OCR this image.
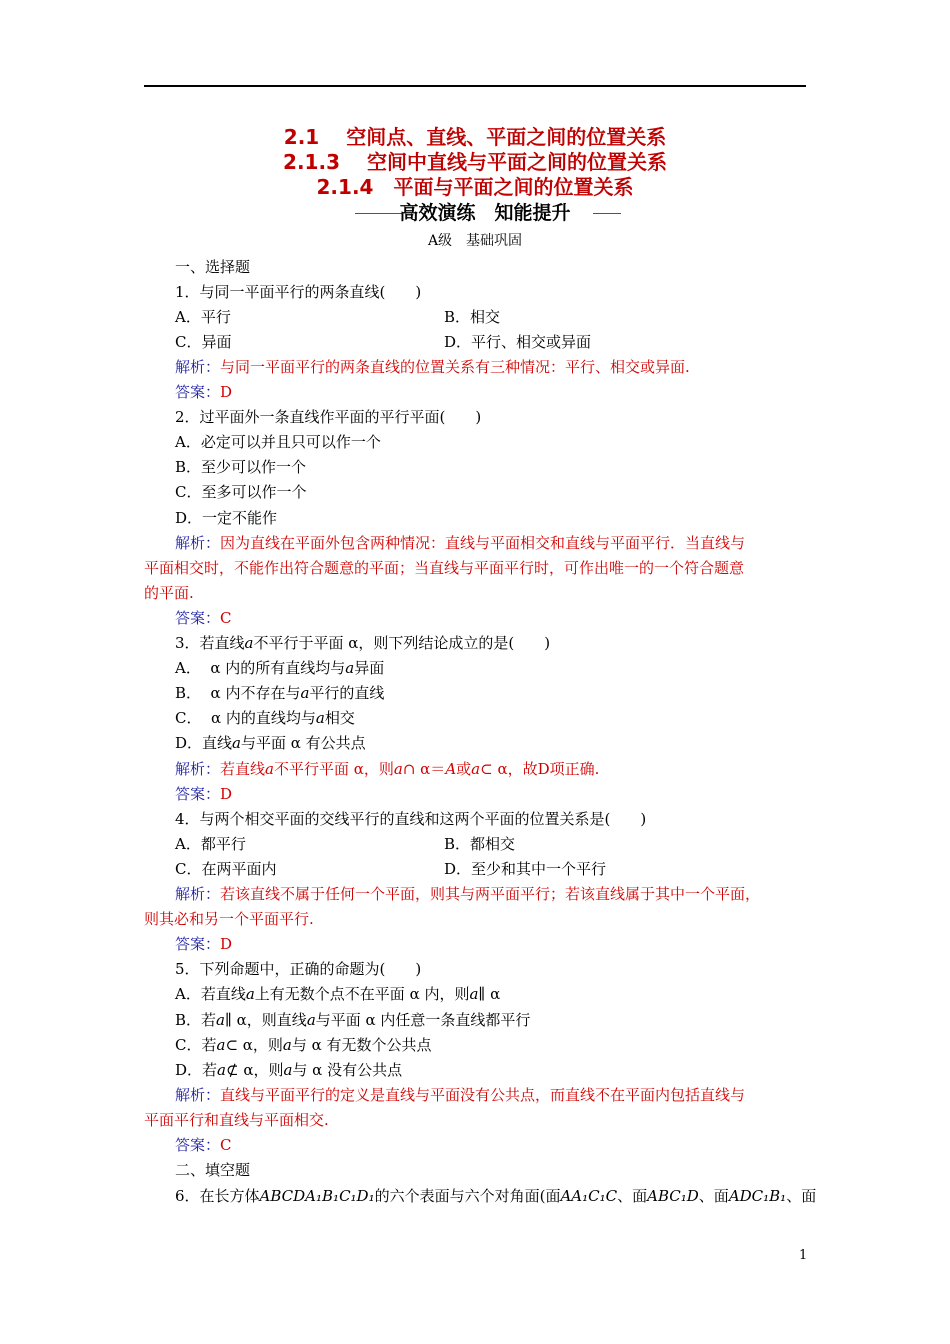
2.1　 空间点、直线、平面之间的位置关系
2.1.3　 空间中直线与平面之间的位置关系
2.1.4　平面与平面之间的位置关系
高效演练　知能提升
A级　基础巩固
一、选择题
1．与同一平面平行的两条直线(　　)
A．平行	B．相交
C．异面	D．平行、相交或异面
解析：与同一平面平行的两条直线的位置关系有三种情况：平行、相交或异面.
答案：D
2．过平面外一条直线作平面的平行平面(　　)
A．必定可以并且只可以作一个
B．至少可以作一个
C．至多可以作一个
D．一定不能作
解析：因为直线在平面外包含两种情况：直线与平面相交和直线与平面平行．当直线与
平面相交时，不能作出符合题意的平面；当直线与平面平行时，可作出唯一的一个符合题意
的平面.
答案：C
3．若直线a不平行于平面 α，则下列结论成立的是(　　)
A．  α 内的所有直线均与a异面
B．  α 内不存在与a平行的直线
C．  α 内的直线均与a相交
D．直线a与平面 α 有公共点
解析：若直线a不平行平面 α，则a∩ α＝A或a⊂ α，故D项正确.
答案：D
4．与两个相交平面的交线平行的直线和这两个平面的位置关系是(　　)
A．都平行	B．都相交
C．在两平面内	D．至少和其中一个平行
解析：若该直线不属于任何一个平面，则其与两平面平行；若该直线属于其中一个平面，
则其必和另一个平面平行.
答案：D
5．下列命题中，正确的命题为(　　)
A．若直线a上有无数个点不在平面 α 内，则a∥ α
B．若a∥ α，则直线a与平面 α 内任意一条直线都平行
C．若a⊂ α，则a与 α 有无数个公共点
D．若a⊄ α，则a与 α 没有公共点
解析：直线与平面平行的定义是直线与平面没有公共点，而直线不在平面内包括直线与
平面平行和直线与平面相交.
答案：C
二、填空题
6．在长方体ABCDA₁B₁C₁D₁的六个表面与六个对角面(面AA₁C₁C、面ABC₁D、面ADC₁B₁、面
1
